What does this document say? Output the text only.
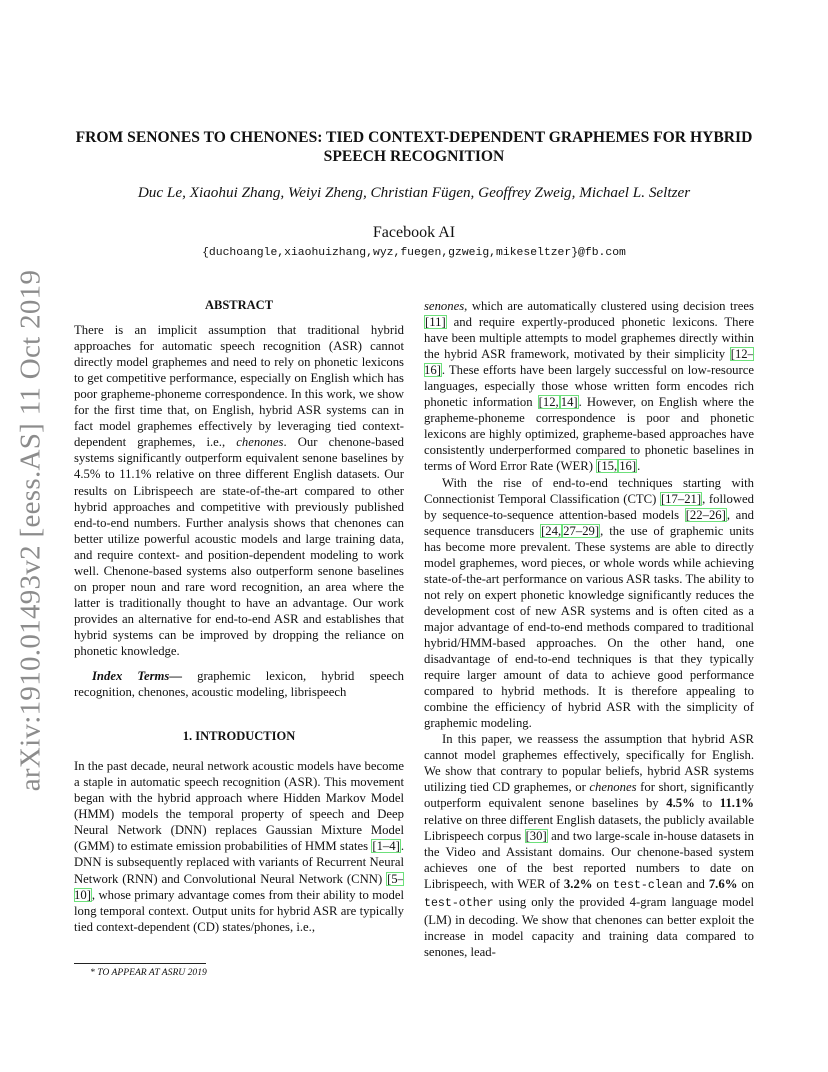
arXiv:1910.01493v2 [eess.AS] 11 Oct 2019
FROM SENONES TO CHENONES: TIED CONTEXT-DEPENDENT GRAPHEMES FOR HYBRID SPEECH RECOGNITION

Duc Le, Xiaohui Zhang, Weiyi Zheng, Christian Fügen, Geoffrey Zweig, Michael L. Seltzer

Facebook AI

{duchoangle,xiaohuizhang,wyz,fuegen,gzweig,mikeseltzer}@fb.com

ABSTRACT

There is an implicit assumption that traditional hybrid approaches for automatic speech recognition (ASR) cannot directly model graphemes and need to rely on phonetic lexicons to get competitive performance, especially on English which has poor grapheme-phoneme correspondence. In this work, we show for the first time that, on English, hybrid ASR systems can in fact model graphemes effectively by leveraging tied context-dependent graphemes, i.e., chenones. Our chenone-based systems significantly outperform equivalent senone baselines by 4.5% to 11.1% relative on three different English datasets. Our results on Librispeech are state-of-the-art compared to other hybrid approaches and competitive with previously published end-to-end numbers. Further analysis shows that chenones can better utilize powerful acoustic models and large training data, and require context- and position-dependent modeling to work well. Chenone-based systems also outperform senone baselines on proper noun and rare word recognition, an area where the latter is traditionally thought to have an advantage. Our work provides an alternative for end-to-end ASR and establishes that hybrid systems can be improved by dropping the reliance on phonetic knowledge.

Index Terms— graphemic lexicon, hybrid speech recognition, chenones, acoustic modeling, librispeech

1. INTRODUCTION

In the past decade, neural network acoustic models have become a staple in automatic speech recognition (ASR). This movement began with the hybrid approach where Hidden Markov Model (HMM) models the temporal property of speech and Deep Neural Network (DNN) replaces Gaussian Mixture Model (GMM) to estimate emission probabilities of HMM states [1–4]. DNN is subsequently replaced with variants of Recurrent Neural Network (RNN) and Convolutional Neural Network (CNN) [5–10], whose primary advantage comes from their ability to model long temporal context. Output units for hybrid ASR are typically tied context-dependent (CD) states/phones, i.e.,

senones, which are automatically clustered using decision trees [11] and require expertly-produced phonetic lexicons. There have been multiple attempts to model graphemes directly within the hybrid ASR framework, motivated by their simplicity [12–16]. These efforts have been largely successful on low-resource languages, especially those whose written form encodes rich phonetic information [12, 14]. However, on English where the grapheme-phoneme correspondence is poor and phonetic lexicons are highly optimized, grapheme-based approaches have consistently underperformed compared to phonetic baselines in terms of Word Error Rate (WER) [15, 16].

With the rise of end-to-end techniques starting with Connectionist Temporal Classification (CTC) [17–21], followed by sequence-to-sequence attention-based models [22–26], and sequence transducers [24, 27–29], the use of graphemic units has become more prevalent. These systems are able to directly model graphemes, word pieces, or whole words while achieving state-of-the-art performance on various ASR tasks. The ability to not rely on expert phonetic knowledge significantly reduces the development cost of new ASR systems and is often cited as a major advantage of end-to-end methods compared to traditional hybrid/HMM-based approaches. On the other hand, one disadvantage of end-to-end techniques is that they typically require larger amount of data to achieve good performance compared to hybrid methods. It is therefore appealing to combine the efficiency of hybrid ASR with the simplicity of graphemic modeling.

In this paper, we reassess the assumption that hybrid ASR cannot model graphemes effectively, specifically for English. We show that contrary to popular beliefs, hybrid ASR systems utilizing tied CD graphemes, or chenones for short, significantly outperform equivalent senone baselines by 4.5% to 11.1% relative on three different English datasets, the publicly available Librispeech corpus [30] and two large-scale in-house datasets in the Video and Assistant domains. Our chenone-based system achieves one of the best reported numbers to date on Librispeech, with WER of 3.2% on test-clean and 7.6% on test-other using only the provided 4-gram language model (LM) in decoding. We show that chenones can better exploit the increase in model capacity and training data compared to senones, lead-

* TO APPEAR AT ASRU 2019
